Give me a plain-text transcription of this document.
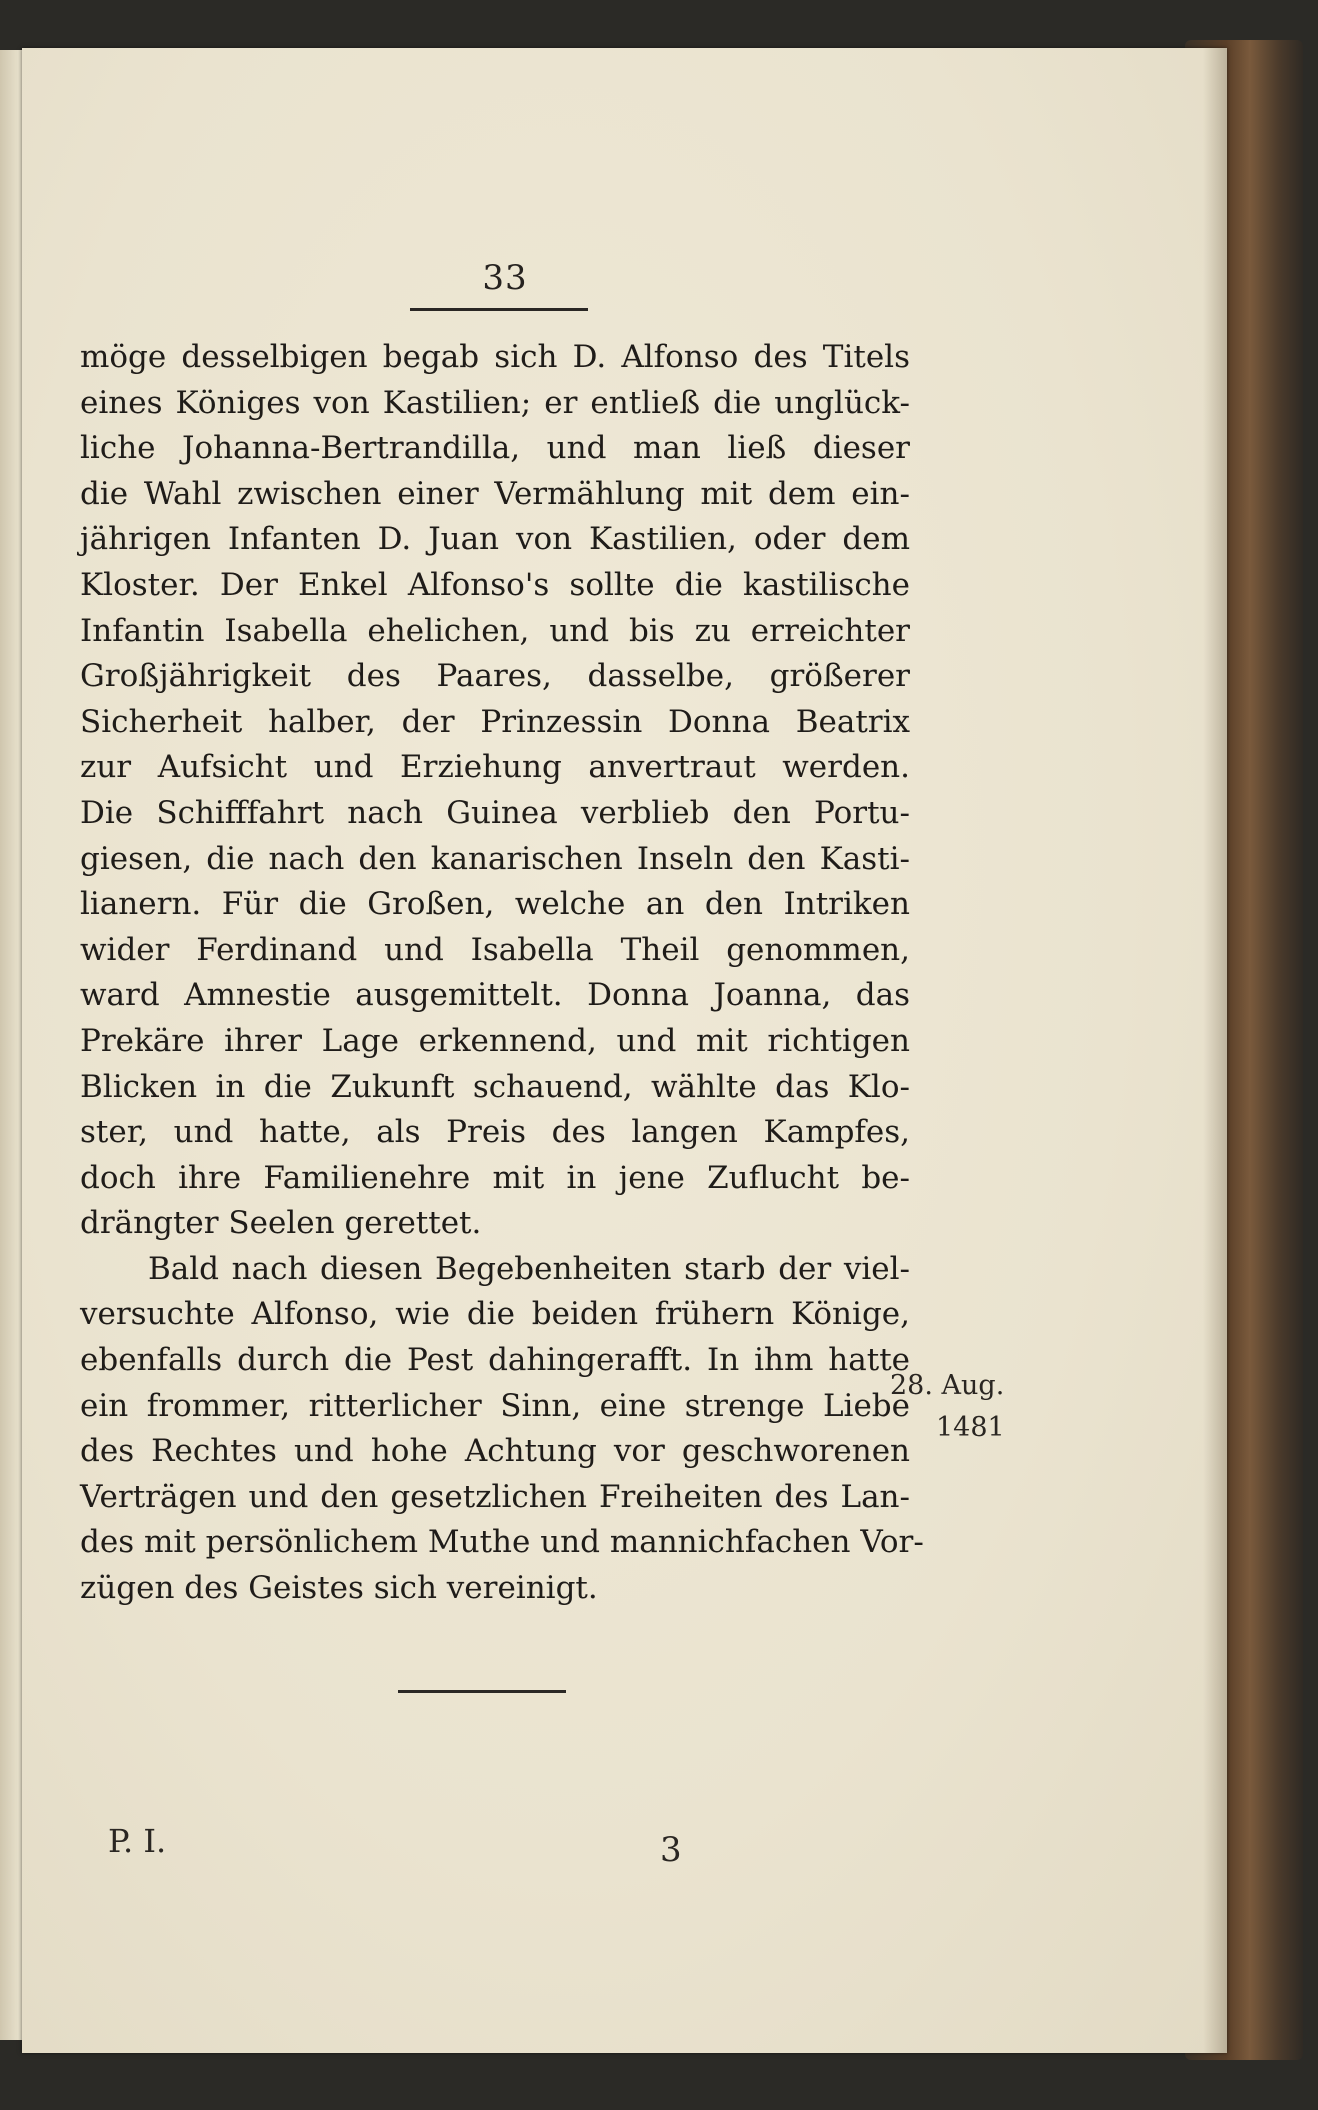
33
möge desselbigen begab sich D. Alfonso des Titels
eines Königes von Kastilien; er entließ die unglück-
liche Johanna-Bertrandilla, und man ließ dieser
die Wahl zwischen einer Vermählung mit dem ein-
jährigen Infanten D. Juan von Kastilien, oder dem
Kloster. Der Enkel Alfonso's sollte die kastilische
Infantin Isabella ehelichen, und bis zu erreichter
Großjährigkeit des Paares, dasselbe, größerer
Sicherheit halber, der Prinzessin Donna Beatrix
zur Aufsicht und Erziehung anvertraut werden.
Die Schifffahrt nach Guinea verblieb den Portu-
giesen, die nach den kanarischen Inseln den Kasti-
lianern. Für die Großen, welche an den Intriken
wider Ferdinand und Isabella Theil genommen,
ward Amnestie ausgemittelt. Donna Joanna, das
Prekäre ihrer Lage erkennend, und mit richtigen
Blicken in die Zukunft schauend, wählte das Klo-
ster, und hatte, als Preis des langen Kampfes,
doch ihre Familienehre mit in jene Zuflucht be-
drängter Seelen gerettet.
Bald nach diesen Begebenheiten starb der viel-
versuchte Alfonso, wie die beiden frühern Könige,
ebenfalls durch die Pest dahingerafft. In ihm hatte
ein frommer, ritterlicher Sinn, eine strenge Liebe
des Rechtes und hohe Achtung vor geschworenen
Verträgen und den gesetzlichen Freiheiten des Lan-
des mit persönlichem Muthe und mannichfachen Vor-
zügen des Geistes sich vereinigt.
28. Aug.
1481
P. I.	3
